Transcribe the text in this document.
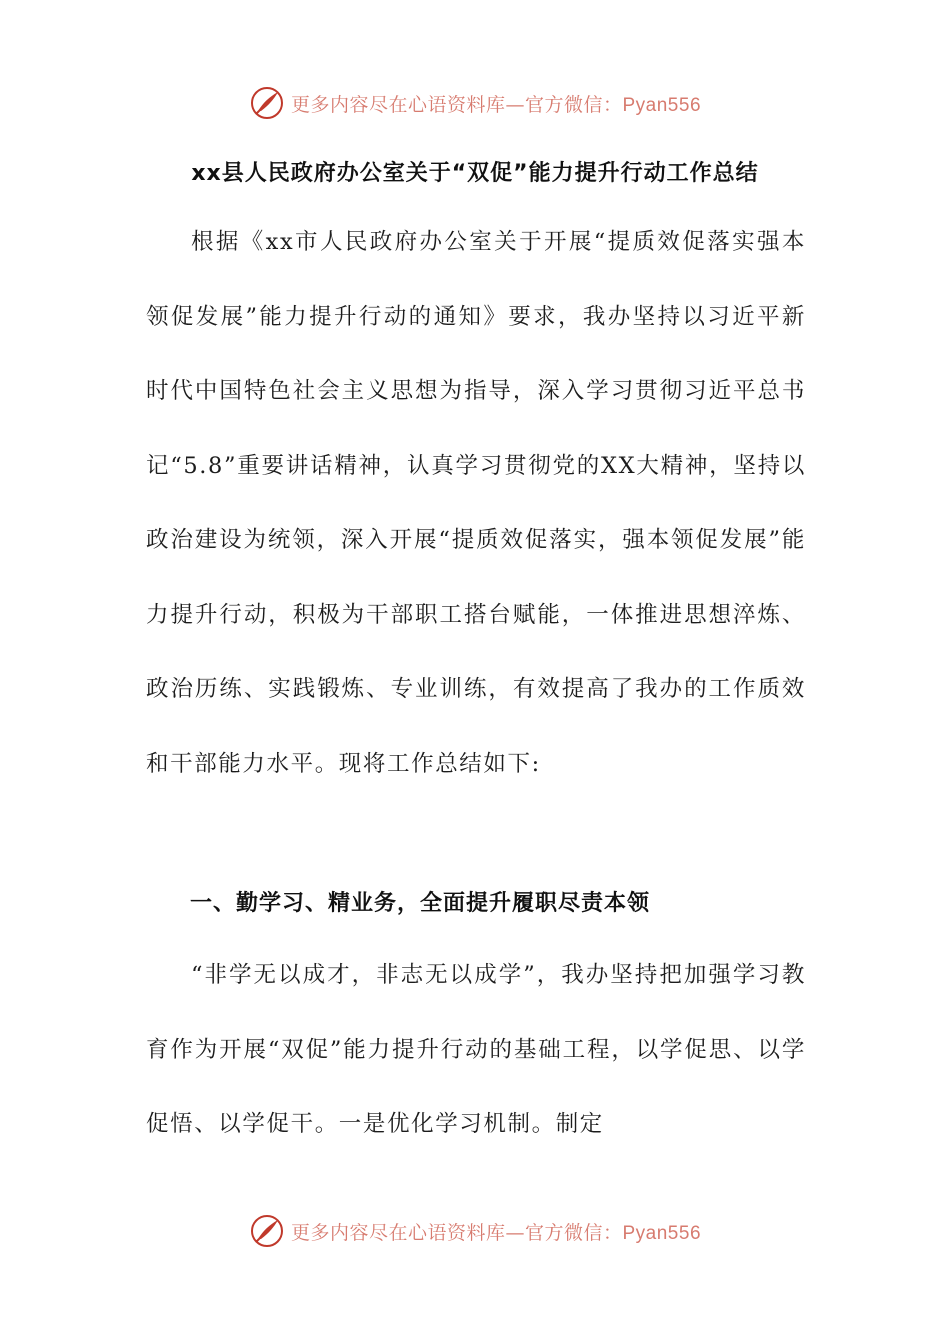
更多内容尽在心语资料库—官方微信：Pyan556
xx县人民政府办公室关于“双促”能力提升行动工作总结
根据《xx市人民政府办公室关于开展“提质效促落实强本领促发展”能力提升行动的通知》要求，我办坚持以习近平新时代中国特色社会主义思想为指导，深入学习贯彻习近平总书记“5.8”重要讲话精神，认真学习贯彻党的XX大精神，坚持以政治建设为统领，深入开展“提质效促落实，强本领促发展”能力提升行动，积极为干部职工搭台赋能，一体推进思想淬炼、政治历练、实践锻炼、专业训练，有效提高了我办的工作质效和干部能力水平。现将工作总结如下:
一、勤学习、精业务，全面提升履职尽责本领
“非学无以成才，非志无以成学”，我办坚持把加强学习教育作为开展“双促”能力提升行动的基础工程，以学促思、以学促悟、以学促干。一是优化学习机制。制定
更多内容尽在心语资料库—官方微信：Pyan556
